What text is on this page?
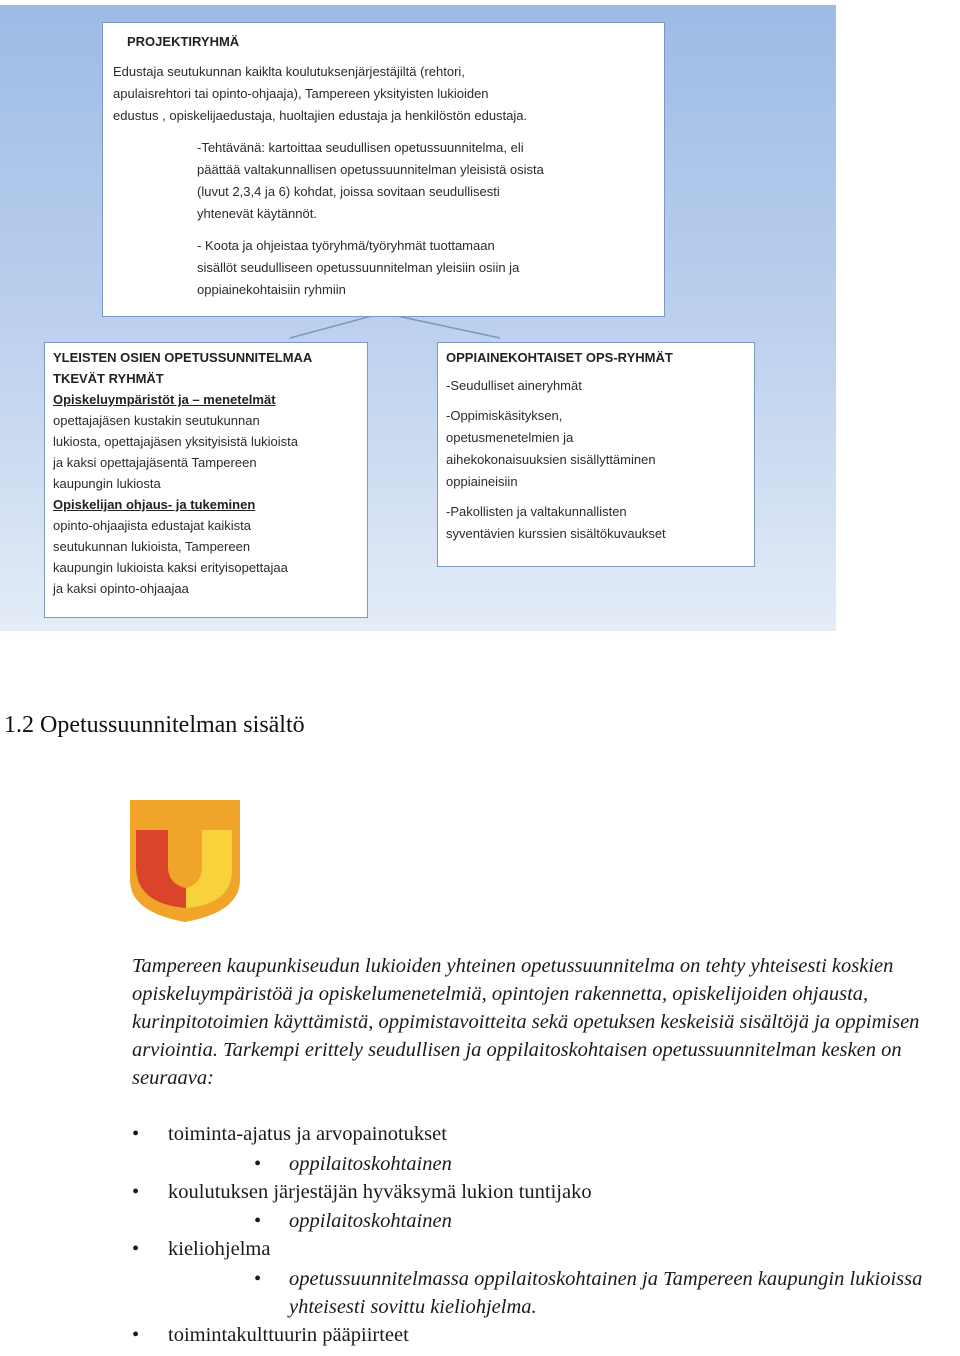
PROJEKTIRYHMÄ
Edustaja seutukunnan kaiklta koulutuksenjärjestäjiltä (rehtori,
apulaisrehtori tai opinto-ohjaaja), Tampereen yksityisten lukioiden
edustus , opiskelijaedustaja, huoltajien edustaja ja henkilöstön edustaja.
-Tehtävänä: kartoittaa seudullisen opetussuunnitelma, eli
päättää valtakunnallisen opetussuunnitelman yleisistä osista
(luvut 2,3,4 ja 6) kohdat, joissa sovitaan seudullisesti
yhtenevät käytännöt.
- Koota ja ohjeistaa työryhmä/työryhmät tuottamaan
sisällöt seudulliseen opetussuunnitelman yleisiin osiin ja
oppiainekohtaisiin ryhmiin
YLEISTEN OSIEN OPETUSSUNNITELMAA
TKEVÄT RYHMÄT
Opiskeluympäristöt ja – menetelmät
opettajajäsen kustakin seutukunnan
lukiosta, opettajajäsen yksityisistä lukioista
ja kaksi opettajajäsentä Tampereen
kaupungin lukiosta
Opiskelijan ohjaus- ja tukeminen
opinto-ohjaajista edustajat kaikista
seutukunnan lukioista, Tampereen
kaupungin lukioista kaksi erityisopettajaa
ja kaksi opinto-ohjaajaa
OPPIAINEKOHTAISET OPS-RYHMÄT
-Seudulliset aineryhmät
-Oppimiskäsityksen,
opetusmenetelmien ja
aihekokonaisuuksien sisällyttäminen
oppiaineisiin
-Pakollisten ja valtakunnallisten
syventävien kurssien sisältökuvaukset
1.2 Opetussuunnitelman sisältö

Tampereen kaupunkiseudun lukioiden yhteinen opetussuunnitelma on tehty yhteisesti koskien opiskeluympäristöä ja opiskelumenetelmiä, opintojen rakennetta, opiskelijoiden ohjausta, kurinpitotoimien käyttämistä, oppimistavoitteita sekä opetuksen keskeisiä sisältöjä ja oppimisen arviointia. Tarkempi erittely seudullisen ja oppilaitoskohtaisen opetussuunnitelman kesken on seuraava:

• toiminta-ajatus ja arvopainotukset
• oppilaitoskohtainen
• koulutuksen järjestäjän hyväksymä lukion tuntijako
• oppilaitoskohtainen
• kieliohjelma
• opetussuunnitelmassa oppilaitoskohtainen ja Tampereen kaupungin lukioissa yhteisesti sovittu kieliohjelma.
• toimintakulttuurin pääpiirteet
